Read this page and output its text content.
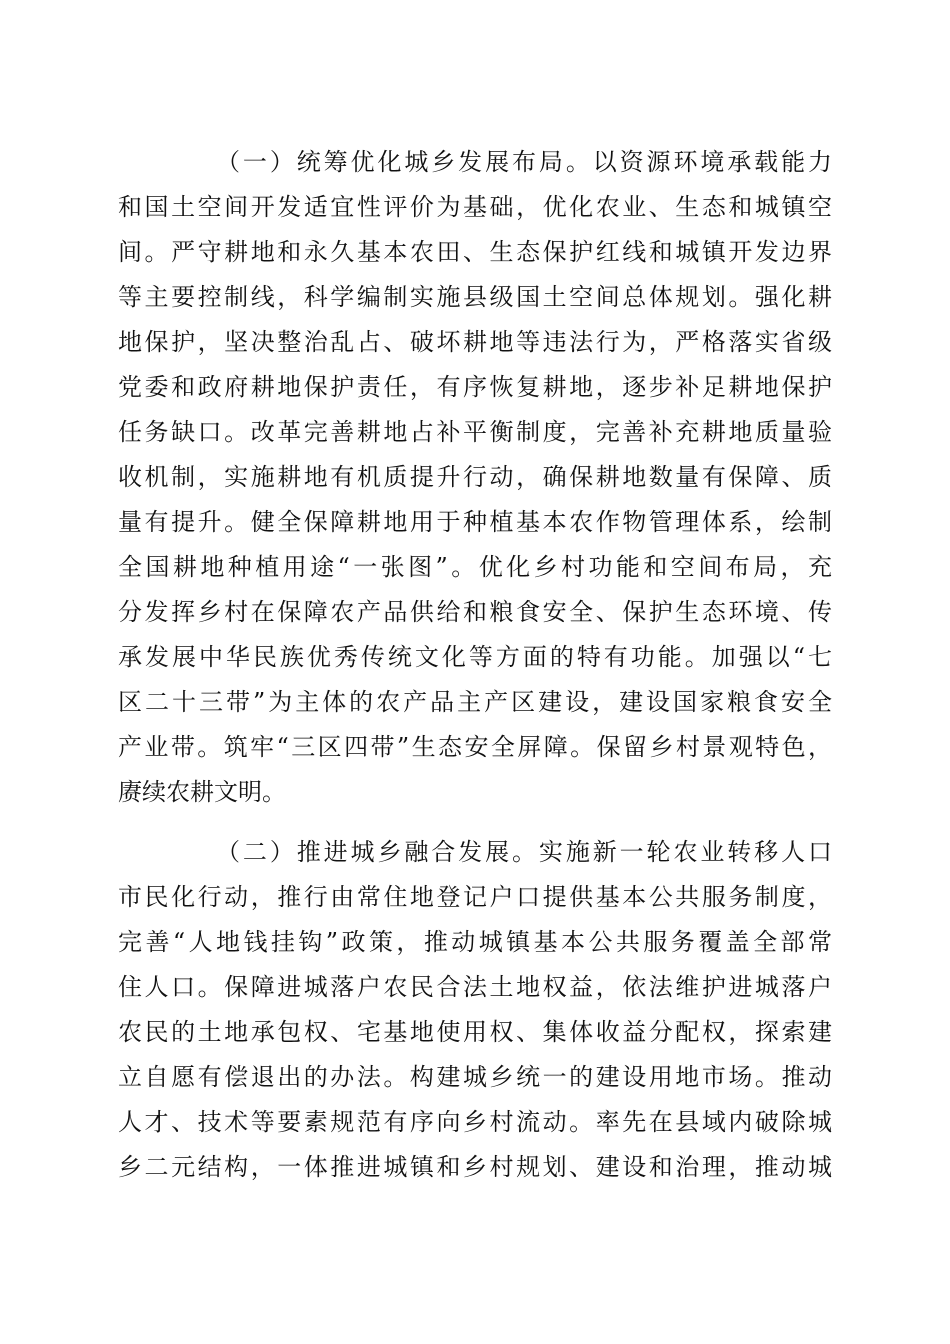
（一）统筹优化城乡发展布局。以资源环境承载能力
和国土空间开发适宜性评价为基础，优化农业、生态和城镇空
间。严守耕地和永久基本农田、生态保护红线和城镇开发边界
等主要控制线，科学编制实施县级国土空间总体规划。强化耕
地保护，坚决整治乱占、破坏耕地等违法行为，严格落实省级
党委和政府耕地保护责任，有序恢复耕地，逐步补足耕地保护
任务缺口。改革完善耕地占补平衡制度，完善补充耕地质量验
收机制，实施耕地有机质提升行动，确保耕地数量有保障、质
量有提升。健全保障耕地用于种植基本农作物管理体系，绘制
全国耕地种植用途“一张图”。优化乡村功能和空间布局，充
分发挥乡村在保障农产品供给和粮食安全、保护生态环境、传
承发展中华民族优秀传统文化等方面的特有功能。加强以“七
区二十三带”为主体的农产品主产区建设，建设国家粮食安全
产业带。筑牢“三区四带”生态安全屏障。保留乡村景观特色，
赓续农耕文明。
（二）推进城乡融合发展。实施新一轮农业转移人口
市民化行动，推行由常住地登记户口提供基本公共服务制度，
完善“人地钱挂钩”政策，推动城镇基本公共服务覆盖全部常
住人口。保障进城落户农民合法土地权益，依法维护进城落户
农民的土地承包权、宅基地使用权、集体收益分配权，探索建
立自愿有偿退出的办法。构建城乡统一的建设用地市场。推动
人才、技术等要素规范有序向乡村流动。率先在县域内破除城
乡二元结构，一体推进城镇和乡村规划、建设和治理，推动城
